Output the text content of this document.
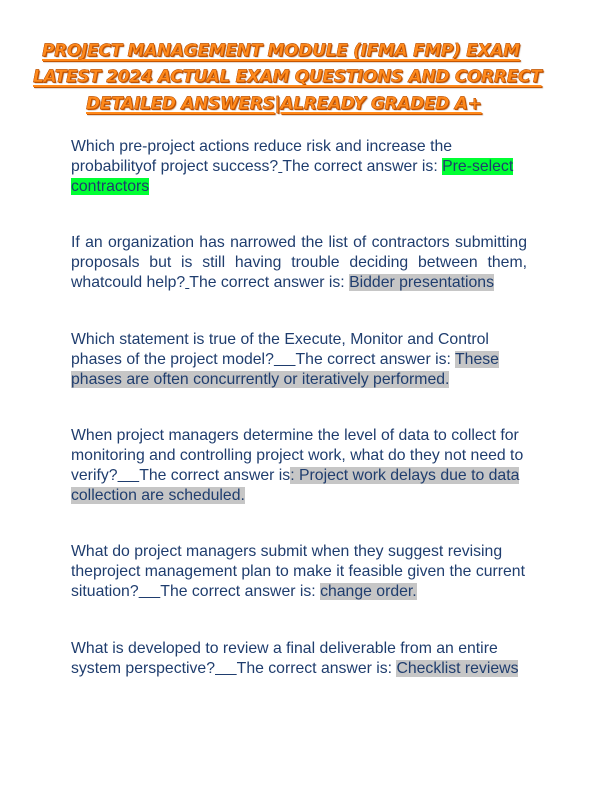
PROJECT MANAGEMENT MODULE (IFMA FMP) EXAM
LATEST 2024 ACTUAL EXAM QUESTIONS AND CORRECT
DETAILED ANSWERS|ALREADY GRADED A+

Which pre-project actions reduce risk and increase the probabilityof project success? The correct answer is: Pre-select contractors

If an organization has narrowed the list of contractors submitting proposals but is still having trouble deciding between them, whatcould help? The correct answer is: Bidder presentations

Which statement is true of the Execute, Monitor and Control phases of the project model? The correct answer is: These phases are often concurrently or iteratively performed.

When project managers determine the level of data to collect for monitoring and controlling project work, what do they not need to verify? The correct answer is: Project work delays due to data collection are scheduled.

What do project managers submit when they suggest revising theproject management plan to make it feasible given the current situation? The correct answer is: change order.

What is developed to review a final deliverable from an entire system perspective? The correct answer is: Checklist reviews
